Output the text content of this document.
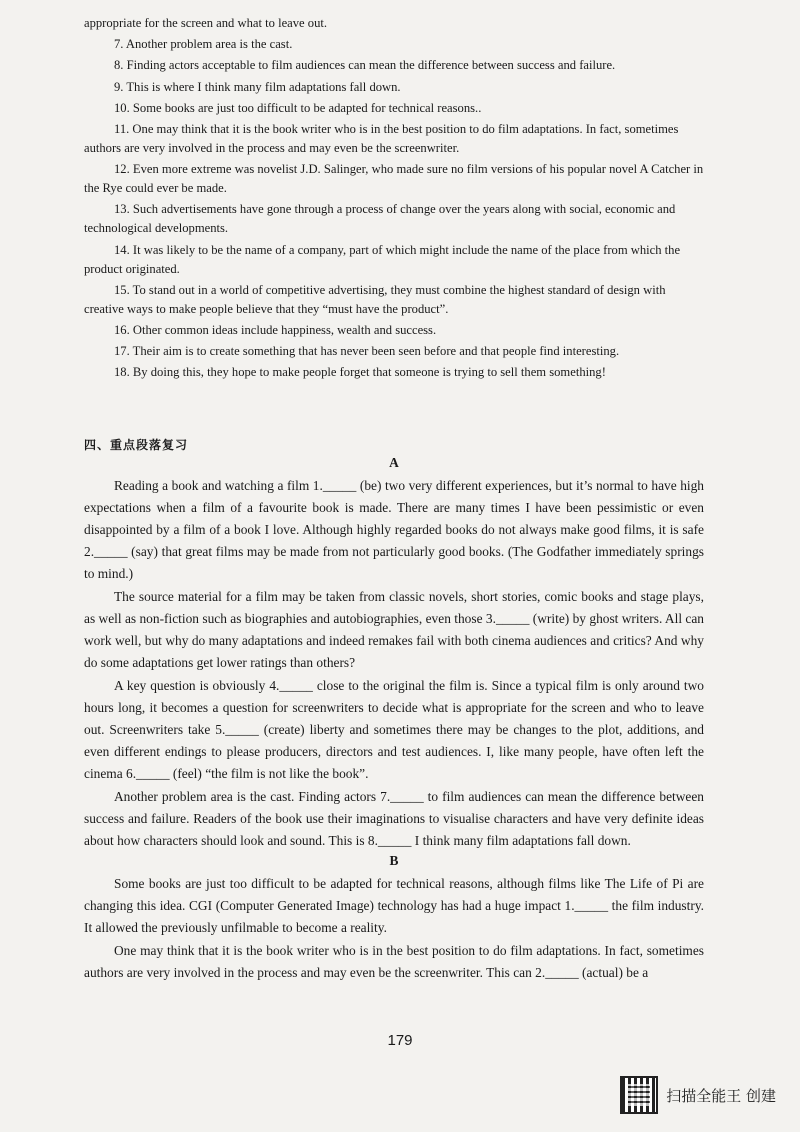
appropriate for the screen and what to leave out.

7. Another problem area is the cast.

8. Finding actors acceptable to film audiences can mean the difference between success and failure.

9. This is where I think many film adaptations fall down.

10. Some books are just too difficult to be adapted for technical reasons..

11. One may think that it is the book writer who is in the best position to do film adaptations. In fact, sometimes authors are very involved in the process and may even be the screenwriter.

12. Even more extreme was novelist J.D. Salinger, who made sure no film versions of his popular novel A Catcher in the Rye could ever be made.

13. Such advertisements have gone through a process of change over the years along with social, economic and technological developments.

14. It was likely to be the name of a company, part of which might include the name of the place from which the product originated.

15. To stand out in a world of competitive advertising, they must combine the highest standard of design with creative ways to make people believe that they “must have the product”.

16. Other common ideas include happiness, wealth and success.

17. Their aim is to create something that has never been seen before and that people find interesting.

18. By doing this, they hope to make people forget that someone is trying to sell them something!

四、重点段落复习

A

Reading a book and watching a film 1._____ (be) two very different experiences, but it’s normal to have high expectations when a film of a favourite book is made. There are many times I have been pessimistic or even disappointed by a film of a book I love. Although highly regarded books do not always make good films, it is safe 2._____ (say) that great films may be made from not particularly good books. (The Godfather immediately springs to mind.)

The source material for a film may be taken from classic novels, short stories, comic books and stage plays, as well as non-fiction such as biographies and autobiographies, even those 3._____ (write) by ghost writers. All can work well, but why do many adaptations and indeed remakes fail with both cinema audiences and critics? And why do some adaptations get lower ratings than others?

A key question is obviously 4._____ close to the original the film is. Since a typical film is only around two hours long, it becomes a question for screenwriters to decide what is appropriate for the screen and who to leave out. Screenwriters take 5._____ (create) liberty and sometimes there may be changes to the plot, additions, and even different endings to please producers, directors and test audiences. I, like many people, have often left the cinema 6._____ (feel) “the film is not like the book”.

Another problem area is the cast. Finding actors 7._____ to film audiences can mean the difference between success and failure. Readers of the book use their imaginations to visualise characters and have very definite ideas about how characters should look and sound. This is 8._____ I think many film adaptations fall down.

B

Some books are just too difficult to be adapted for technical reasons, although films like The Life of Pi are changing this idea. CGI (Computer Generated Image) technology has had a huge impact 1._____ the film industry. It allowed the previously unfilmable to become a reality.

One may think that it is the book writer who is in the best position to do film adaptations. In fact, sometimes authors are very involved in the process and may even be the screenwriter. This can 2._____ (actual) be a

179
扫描全能王 创建
